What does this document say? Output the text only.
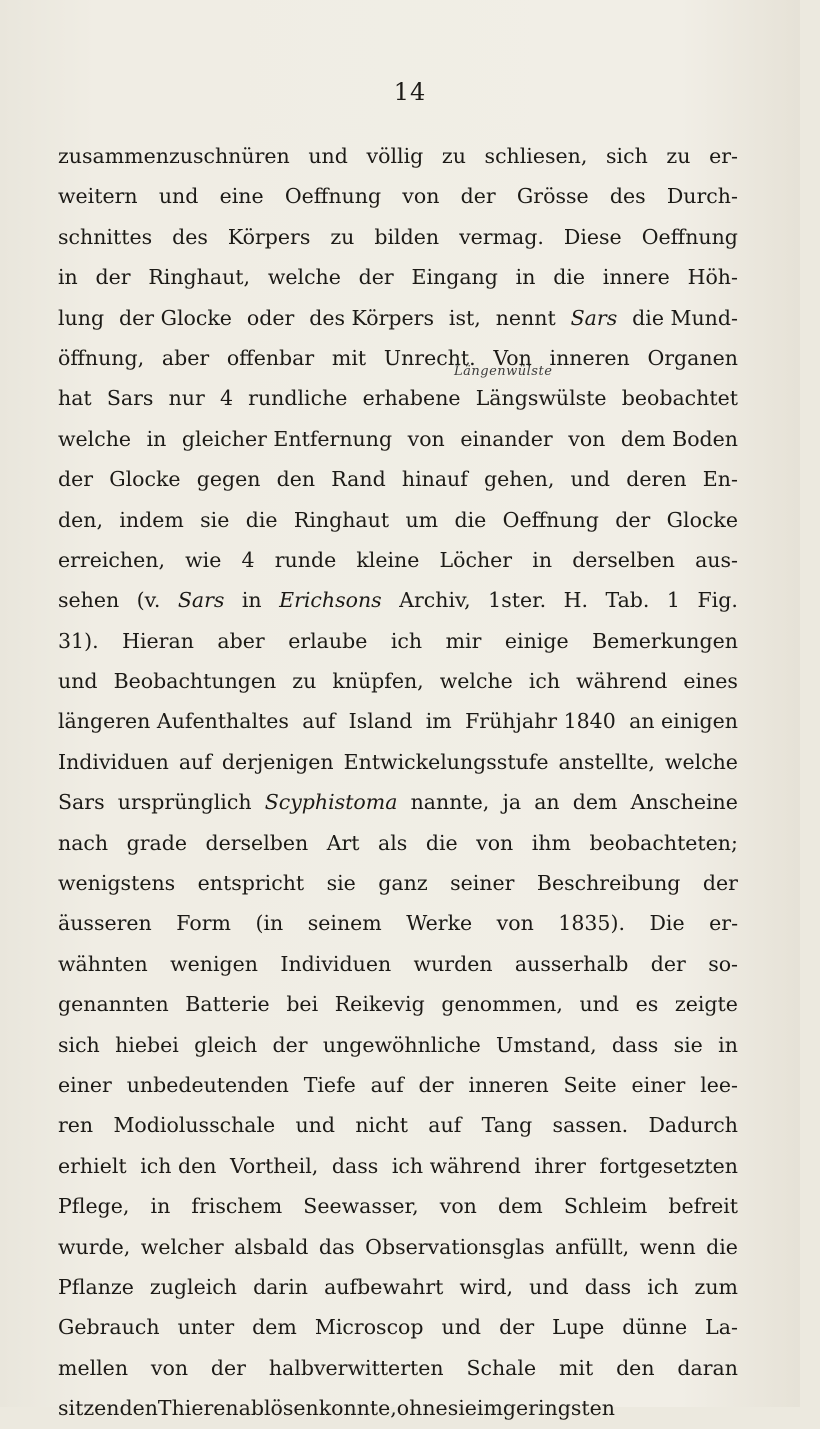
14
zusammenzuschnüren und völlig zu schliesen, sich zu er-
weitern und eine Oeffnung von der Grösse des Durch-
schnittes des Körpers zu bilden vermag. Diese Oeffnung
in der Ringhaut, welche der Eingang in die innere Höh-
lung der Glocke oder des Körpers ist, nennt Sars die Mund-
öffnung, aber offenbar mit Unrecht. Von inneren Organen
Längenwülste
hat Sars nur 4 rundliche erhabene Längswülste beobachtet
welche in gleicher Entfernung von einander von dem Boden
der Glocke gegen den Rand hinauf gehen, und deren En-
den, indem sie die Ringhaut um die Oeffnung der Glocke
erreichen, wie 4 runde kleine Löcher in derselben aus-
sehen (v. Sars in Erichsons Archiv, 1ster. H. Tab. 1 Fig.
31). Hieran aber erlaube ich mir einige Bemerkungen
und Beobachtungen zu knüpfen, welche ich während eines
längeren Aufenthaltes auf Island im Frühjahr 1840 an einigen
Individuen auf derjenigen Entwickelungsstufe anstellte, welche
Sars ursprünglich Scyphistoma nannte, ja an dem Anscheine
nach grade derselben Art als die von ihm beobachteten;
wenigstens entspricht sie ganz seiner Beschreibung der
äusseren Form (in seinem Werke von 1835). Die er-
wähnten wenigen Individuen wurden ausserhalb der so-
genannten Batterie bei Reikevig genommen, und es zeigte
sich hiebei gleich der ungewöhnliche Umstand, dass sie in
einer unbedeutenden Tiefe auf der inneren Seite einer lee-
ren Modiolusschale und nicht auf Tang sassen. Dadurch
erhielt ich den Vortheil, dass ich während ihrer fortgesetzten
Pflege, in frischem Seewasser, von dem Schleim befreit
wurde, welcher alsbald das Observationsglas anfüllt, wenn die
Pflanze zugleich darin aufbewahrt wird, und dass ich zum
Gebrauch unter dem Microscop und der Lupe dünne La-
mellen von der halbverwitterten Schale mit den daran
sitzenden Thieren ablösen konnte, ohne sie im geringsten
